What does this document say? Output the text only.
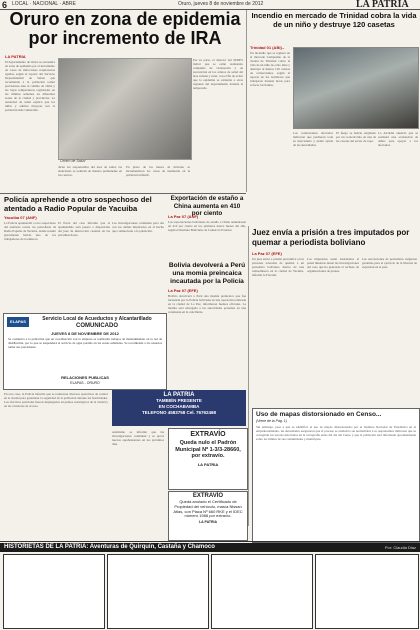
6 LOCAL · NACIONAL · ABRE	Oruro, jueves 8 de noviembre de 2012	LA PATRIA
Oruro en zona de epidemia
por incremento de IRA
LA PATRIA
El departamento de Oruro se encuentra en zona de epidemia por el incremento de casos de infecciones respiratorias agudas, según el reporte del Servicio Departamental de Salud, que recomienda a la población tomar previsiones ante el cambio de clima y las bajas temperaturas registradas en las últimas semanas en diferentes zonas de la ciudad y provincias. La autoridad de salud explicó que los niños y adultos mayores son la población más vulnerable.
Centro de Salud
dicen los responsables del área de salud, las atenciones se realizan de manera permanente en los centros.
En plazo de los meses de invierno se incrementaron los casos de neumonía en la población infantil.
Por su parte, el director del SEDES indicó que se están realizando campañas de vacunación y de prevención en los centros de salud del área urbana y rural, con el fin de evitar que la epidemia se extienda a otras regiones del departamento durante la temporada.
Incendio en mercado de Trinidad cobra la vida de un niño y destruye 120 casetas
Trinidad 01 (ABI).-
Un incendio que se registró en el mercado Campesino de la ciudad de Trinidad cobró la vida de un niño de ocho años y destruyó al menos 120 casetas de comerciantes, según el reporte de los bomberos que trabajaron durante horas para sofocar las llamas.
Los comerciantes afectados indicaron que perdieron toda su mercadería y piden ayuda de las autoridades.
El fuego se habría originado por un cortocircuito en una de las casetas del sector de ropa.
La Alcaldía anunció que se realizará una evaluación de daños para apoyar a los afectados.
Policía aprehende a otro sospechoso del atentado a Radio Popular de Yacuiba
Yacuiba 07 (ANF)
La Policía aprehendió a otro sospechoso del atentado contra los periodistas de Radio Popular de Yacuiba, donde resultó gravemente herido uno de los trabajadores de la emisora.
El fiscal del caso informó que el aprehendido será puesto a disposición del juez de instrucción cautelar en las próximas horas.
Las investigaciones continúan para dar con los demás implicados en el hecho que conmocionó a la población.
ELAPAS	Servicio Local de Acueductos y Alcantarillado
COMUNICADO
JUEVES 8 DE NOVIEMBRE DE 2012
Se comunica a la población que en coordinación con la empresa se realizarán trabajos de mantenimiento en la red de distribución, por lo que se suspenderá el servicio de agua potable en las zonas señaladas. Se recomienda a los usuarios tomar sus previsiones.
RELACIONES PUBLICAS
ELAPAS - ORURO
Exportación de estaño a China aumenta en 410 por ciento
La Paz 07 (ANF)
Las exportaciones bolivianas de estaño a China aumentaron en 410 por ciento en los primeros nueve meses del año, según el Instituto Boliviano de Comercio Exterior.
Bolivia devolverá a Perú una momia preincaica incautada por la Policía
La Paz 07 (EFE)
Bolivia devolverá a Perú una momia preincaica que fue incautada por la Policía boliviana en una operación realizada en la ciudad de La Paz, informaron fuentes oficiales. La momia será entregada a las autoridades peruanas en una ceremonia en la cancillería.
LA PATRIA
TAMBIÉN PRESENTE
EN COCHABAMBA
TELEFONO 4583758 Cel. 76762468
Juez envía a prisión a tres imputados por quemar a periodista boliviano
La Paz 07 (EFE)
Un juez envió a prisión preventiva a tres personas acusadas de quemar a un periodista boliviano dentro de una radioemisora en la ciudad de Yacuiba, informó la Fiscalía.
Los imputados serán trasladados al penal mientras duren las investigaciones del caso que ha generado el rechazo de organizaciones de prensa.
Las asociaciones de periodistas exigieron garantías para el ejercicio de la libertad de expresión en el país.
EXTRAVÍO
Queda nulo el Padrón Municipal Nº 1-3/3-28660, por extravío.
LA PATRIA
EXTRAVÍO
Queda anulado el Certificado de Propiedad del vehículo, marca Nissan Atlas, con Placa Nº 660 RKE y el IDEC número 1988 por extravío.
LA PATRIA
En otro caso, la Policía informó que se realizaron diversos operativos de control en la ciudad para garantizar la seguridad de la población durante las festividades. Los efectivos policiales fueron desplegados en puntos estratégicos de la ciudad y en las carreteras de acceso.
Asimismo se informó que las investigaciones continúan y se prevé nuevas aprehensiones en los próximos días.
Uso de mapas distorsionado en Censo...
(Viene de la Pág. 1)
Sin embargo, pese a que se identificó el uso de mapas distorsionados por el Instituto Nacional de Estadística en el empadronamiento, las autoridades aseguraron que el proceso se realizará con normalidad. Los responsables indicaron que se corregirán los errores detectados en la cartografía antes del día del Censo y que la población será informada oportunamente sobre los límites de sus comunidades y municipios.
HISTORIETAS DE LA PATRIA: Aventuras de Quirquín, Castaña y Chamoco	Por: Claudia Diaz
